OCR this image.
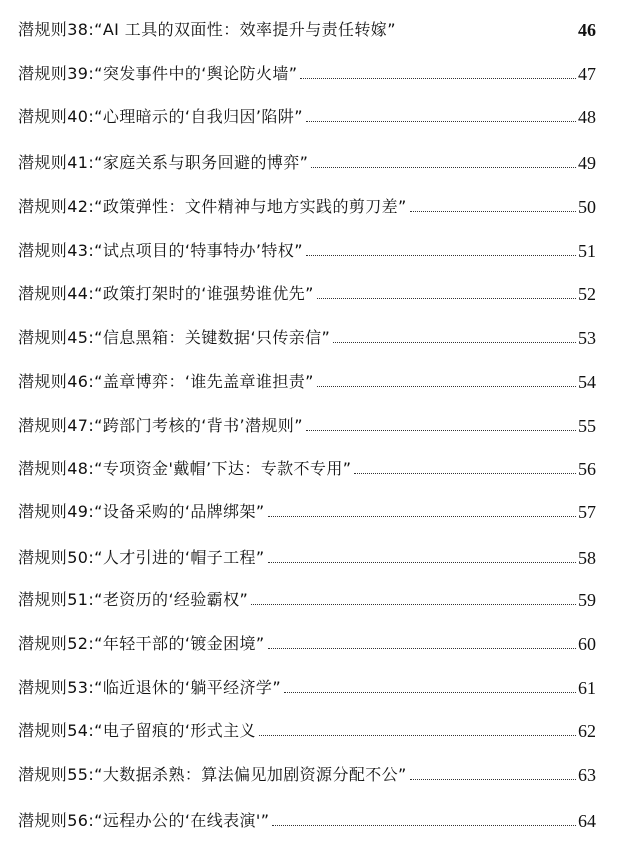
潜规则38:“AI 工具的双面性：效率提升与责任转嫁”	46
潜规则39:“突发事件中的‘舆论防火墙”	47
潜规则40:“心理暗示的‘自我归因’陷阱”	48
潜规则41:“家庭关系与职务回避的博弈”	49
潜规则42:“政策弹性：文件精神与地方实践的剪刀差”	50
潜规则43:“试点项目的‘特事特办’特权”	51
潜规则44:“政策打架时的‘谁强势谁优先”	52
潜规则45:“信息黑箱：关键数据‘只传亲信”	53
潜规则46:“盖章博弈：‘谁先盖章谁担责”	54
潜规则47:“跨部门考核的‘背书’潜规则”	55
潜规则48:“专项资金'戴帽’下达：专款不专用”	56
潜规则49:“设备采购的‘品牌绑架”	57
潜规则50:“人才引进的‘帽子工程”	58
潜规则51:“老资历的‘经验霸权”	59
潜规则52:“年轻干部的‘镀金困境”	60
潜规则53:“临近退休的‘躺平经济学”	61
潜规则54:“电子留痕的‘形式主义	62
潜规则55:“大数据杀熟：算法偏见加剧资源分配不公”	63
潜规则56:“远程办公的‘在线表演'”	64
